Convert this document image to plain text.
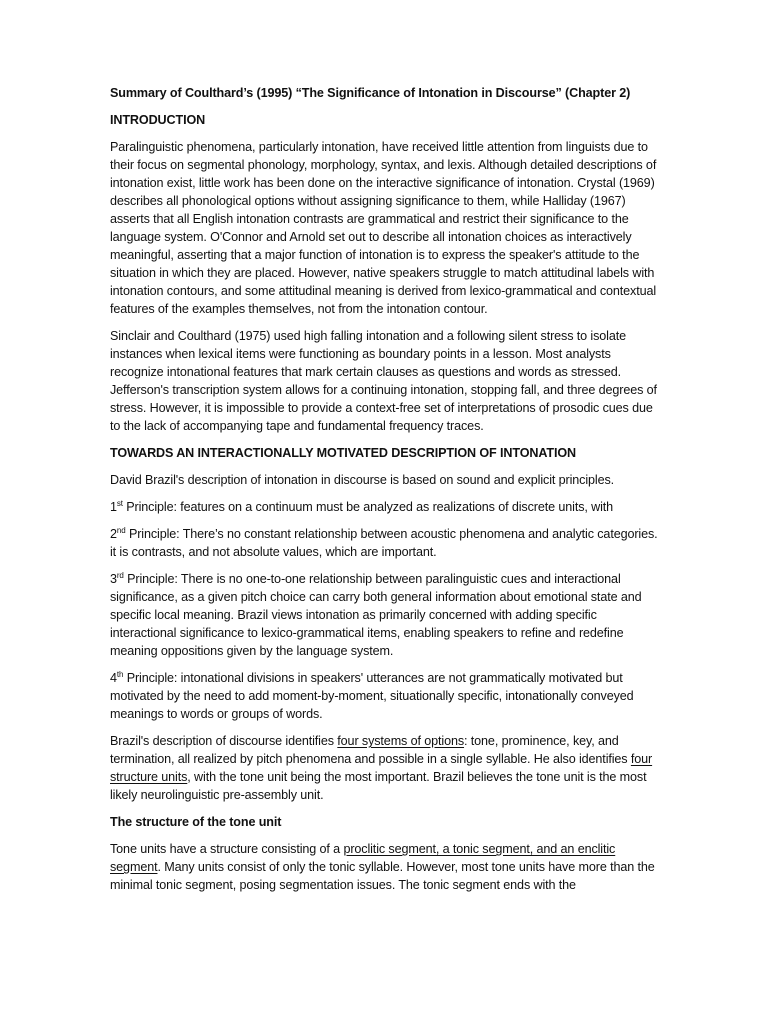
Summary of Coulthard’s (1995) “The Significance of Intonation in Discourse” (Chapter 2)

INTRODUCTION

Paralinguistic phenomena, particularly intonation, have received little attention from linguists due to their focus on segmental phonology, morphology, syntax, and lexis. Although detailed descriptions of intonation exist, little work has been done on the interactive significance of intonation. Crystal (1969) describes all phonological options without assigning significance to them, while Halliday (1967) asserts that all English intonation contrasts are grammatical and restrict their significance to the language system. O'Connor and Arnold set out to describe all intonation choices as interactively meaningful, asserting that a major function of intonation is to express the speaker's attitude to the situation in which they are placed. However, native speakers struggle to match attitudinal labels with intonation contours, and some attitudinal meaning is derived from lexico-grammatical and contextual features of the examples themselves, not from the intonation contour.

Sinclair and Coulthard (1975) used high falling intonation and a following silent stress to isolate instances when lexical items were functioning as boundary points in a lesson. Most analysts recognize intonational features that mark certain clauses as questions and words as stressed. Jefferson's transcription system allows for a continuing intonation, stopping fall, and three degrees of stress. However, it is impossible to provide a context-free set of interpretations of prosodic cues due to the lack of accompanying tape and fundamental frequency traces.

TOWARDS AN INTERACTIONALLY MOTIVATED DESCRIPTION OF INTONATION

David Brazil's description of intonation in discourse is based on sound and explicit principles.

1st Principle: features on a continuum must be analyzed as realizations of discrete units, with

2nd Principle: There’s no constant relationship between acoustic phenomena and analytic categories. it is contrasts, and not absolute values, which are important.

3rd Principle: There is no one-to-one relationship between paralinguistic cues and interactional significance, as a given pitch choice can carry both general information about emotional state and specific local meaning. Brazil views intonation as primarily concerned with adding specific interactional significance to lexico-grammatical items, enabling speakers to refine and redefine meaning oppositions given by the language system.

4th Principle: intonational divisions in speakers' utterances are not grammatically motivated but motivated by the need to add moment-by-moment, situationally specific, intonationally conveyed meanings to words or groups of words.

Brazil's description of discourse identifies four systems of options: tone, prominence, key, and termination, all realized by pitch phenomena and possible in a single syllable. He also identifies four structure units, with the tone unit being the most important. Brazil believes the tone unit is the most likely neurolinguistic pre-assembly unit.

The structure of the tone unit

Tone units have a structure consisting of a proclitic segment, a tonic segment, and an enclitic segment. Many units consist of only the tonic syllable. However, most tone units have more than the minimal tonic segment, posing segmentation issues. The tonic segment ends with the
